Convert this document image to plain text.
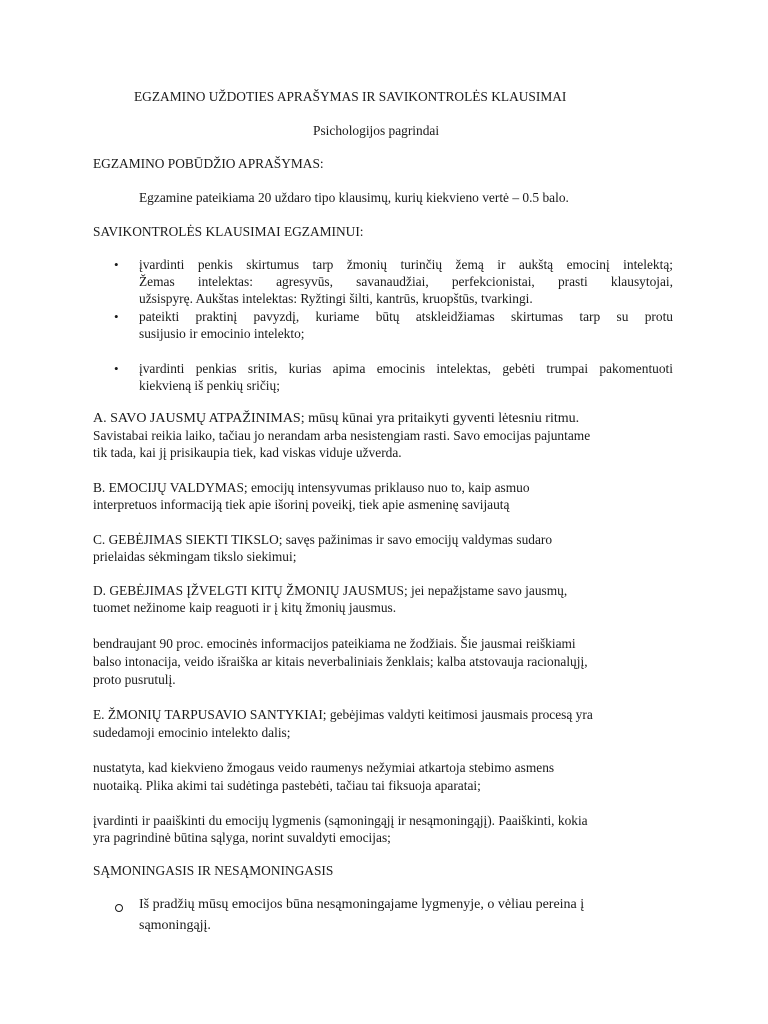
EGZAMINO UŽDOTIES APRAŠYMAS IR SAVIKONTROLĖS KLAUSIMAI
Psichologijos pagrindai
EGZAMINO POBŪDŽIO APRAŠYMAS:
Egzamine pateikiama 20 uždaro tipo klausimų, kurių kiekvieno vertė – 0.5 balo.
SAVIKONTROLĖS KLAUSIMAI EGZAMINUI:
• įvardinti penkis skirtumus tarp žmonių turinčių žemą ir aukštą emocinį intelektą;
Žemas intelektas: agresyvūs, savanaudžiai, perfekcionistai, prasti klausytojai,
užsispyrę. Aukštas intelektas: Ryžtingi šilti, kantrūs, kruopštūs, tvarkingi.
• pateikti praktinį pavyzdį, kuriame būtų atskleidžiamas skirtumas tarp su protu
susijusio ir emocinio intelekto;
• įvardinti penkias sritis, kurias apima emocinis intelektas, gebėti trumpai pakomentuoti
kiekvieną iš penkių sričių;
A. SAVO JAUSMŲ ATPAŽINIMAS; mūsų kūnai yra pritaikyti gyventi lėtesniu ritmu.
Savistabai reikia laiko, tačiau jo nerandam arba nesistengiam rasti. Savo emocijas pajuntame
tik tada, kai jį prisikaupia tiek, kad viskas viduje užverda.
B. EMOCIJŲ VALDYMAS; emocijų intensyvumas priklauso nuo to, kaip asmuo
interpretuos informaciją tiek apie išorinį poveikį, tiek apie asmeninę savijautą
C. GEBĖJIMAS SIEKTI TIKSLO; savęs pažinimas ir savo emocijų valdymas sudaro
prielaidas sėkmingam tikslo siekimui;
D. GEBĖJIMAS ĮŽVELGTI KITŲ ŽMONIŲ JAUSMUS; jei nepažįstame savo jausmų,
tuomet nežinome kaip reaguoti ir į kitų žmonių jausmus.
bendraujant 90 proc. emocinės informacijos pateikiama ne žodžiais. Šie jausmai reiškiami
balso intonacija, veido išraiška ar kitais neverbaliniais ženklais; kalba atstovauja racionalųjį,
proto pusrutulį.
E. ŽMONIŲ TARPUSAVIO SANTYKIAI; gebėjimas valdyti keitimosi jausmais procesą yra
sudedamoji emocinio intelekto dalis;
nustatyta, kad kiekvieno žmogaus veido raumenys nežymiai atkartoja stebimo asmens
nuotaiką. Plika akimi tai sudėtinga pastebėti, tačiau tai fiksuoja aparatai;
įvardinti ir paaiškinti du emocijų lygmenis (sąmoningąjį ir nesąmoningąjį). Paaiškinti, kokia
yra pagrindinė būtina sąlyga, norint suvaldyti emocijas;
SĄMONINGASIS IR NESĄMONINGASIS
Iš pradžių mūsų emocijos būna nesąmoningajame lygmenyje, o vėliau pereina į
sąmoningąjį.
